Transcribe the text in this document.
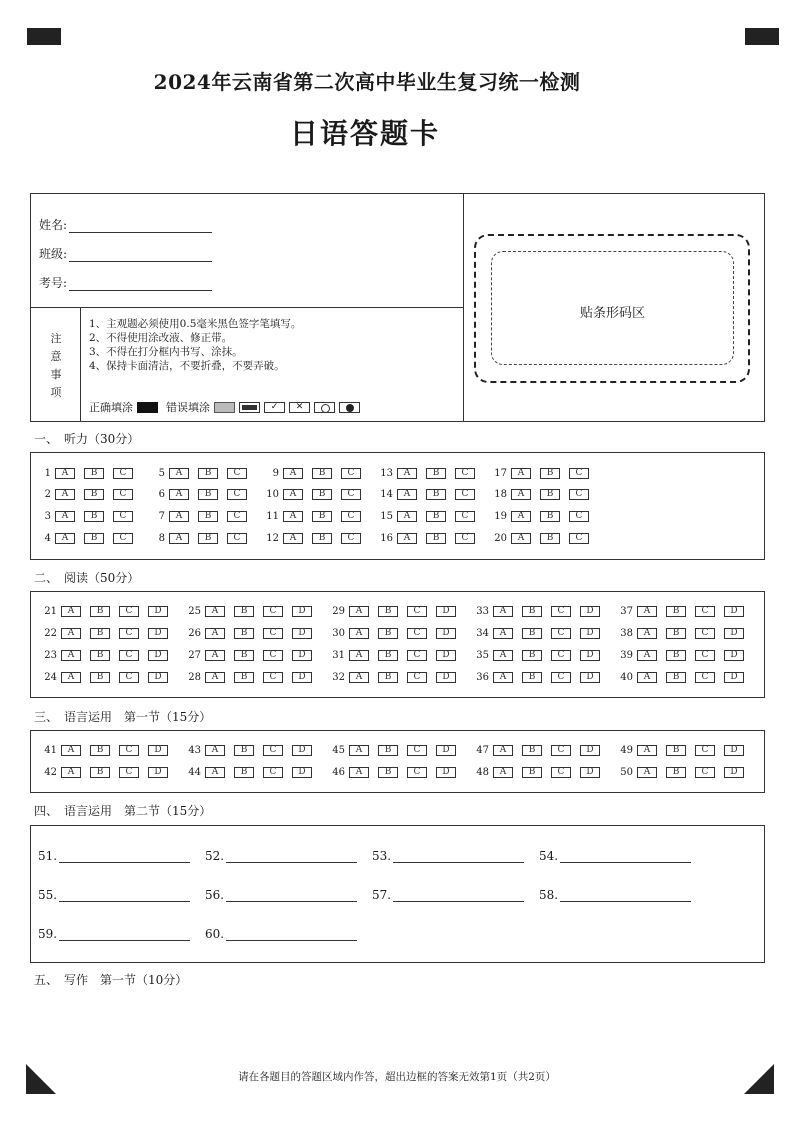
2024年云南省第二次高中毕业生复习统一检测
日语答题卡
姓名:
班级:
考号:
注
意
事
项
1、主观题必须使用0.5毫米黑色签字笔填写。
2、不得使用涂改液、修正带。
3、不得在打分框内书写、涂抹。
4、保持卡面清洁，不要折叠，不要弄破。
正确填涂	错误填涂	✓	✕
贴条形码区
一、　听力（30分）
1	A	B	C
2	A	B	C
3	A	B	C
4	A	B	C
5	A	B	C
6	A	B	C
7	A	B	C
8	A	B	C
9	A	B	C
10	A	B	C
11	A	B	C
12	A	B	C
13	A	B	C
14	A	B	C
15	A	B	C
16	A	B	C
17	A	B	C
18	A	B	C
19	A	B	C
20	A	B	C
二、　阅读（50分）
21	A	B	C	D
22	A	B	C	D
23	A	B	C	D
24	A	B	C	D
25	A	B	C	D
26	A	B	C	D
27	A	B	C	D
28	A	B	C	D
29	A	B	C	D
30	A	B	C	D
31	A	B	C	D
32	A	B	C	D
33	A	B	C	D
34	A	B	C	D
35	A	B	C	D
36	A	B	C	D
37	A	B	C	D
38	A	B	C	D
39	A	B	C	D
40	A	B	C	D
三、　语言运用　第一节（15分）
41	A	B	C	D
42	A	B	C	D
43	A	B	C	D
44	A	B	C	D
45	A	B	C	D
46	A	B	C	D
47	A	B	C	D
48	A	B	C	D
49	A	B	C	D
50	A	B	C	D
四、　语言运用　第二节（15分）
51.	52.	53.	54.
55.	56.	57.	58.
59.	60.
五、　写作　第一节（10分）
请在各题目的答题区域内作答，超出边框的答案无效第1页（共2页）
